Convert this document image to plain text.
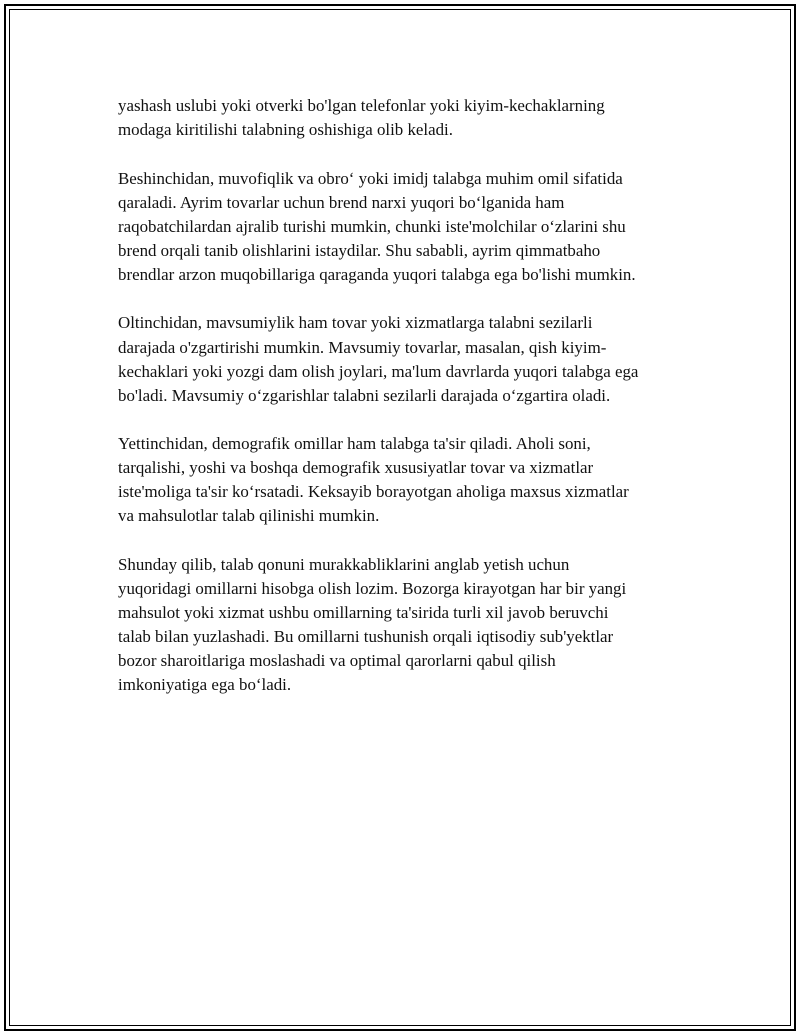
yashash uslubi yoki otverki bo'lgan telefonlar yoki kiyim-kechaklarning
modaga kiritilishi talabning oshishiga olib keladi.

Beshinchidan, muvofiqlik va obro‘ yoki imidj talabga muhim omil sifatida
qaraladi. Ayrim tovarlar uchun brend narxi yuqori bo‘lganida ham
raqobatchilardan ajralib turishi mumkin, chunki iste'molchilar o‘zlarini shu
brend orqali tanib olishlarini istaydilar. Shu sababli, ayrim qimmatbaho
brendlar arzon muqobillariga qaraganda yuqori talabga ega bo'lishi mumkin.

Oltinchidan, mavsumiylik ham tovar yoki xizmatlarga talabni sezilarli
darajada o'zgartirishi mumkin. Mavsumiy tovarlar, masalan, qish kiyim-
kechaklari yoki yozgi dam olish joylari, ma'lum davrlarda yuqori talabga ega
bo'ladi. Mavsumiy o‘zgarishlar talabni sezilarli darajada o‘zgartira oladi.

Yettinchidan, demografik omillar ham talabga ta'sir qiladi. Aholi soni,
tarqalishi, yoshi va boshqa demografik xususiyatlar tovar va xizmatlar
iste'moliga ta'sir ko‘rsatadi. Keksayib borayotgan aholiga maxsus xizmatlar
va mahsulotlar talab qilinishi mumkin.

Shunday qilib, talab qonuni murakkabliklarini anglab yetish uchun
yuqoridagi omillarni hisobga olish lozim. Bozorga kirayotgan har bir yangi
mahsulot yoki xizmat ushbu omillarning ta'sirida turli xil javob beruvchi
talab bilan yuzlashadi. Bu omillarni tushunish orqali iqtisodiy sub'yektlar
bozor sharoitlariga moslashadi va optimal qarorlarni qabul qilish
imkoniyatiga ega bo‘ladi.
